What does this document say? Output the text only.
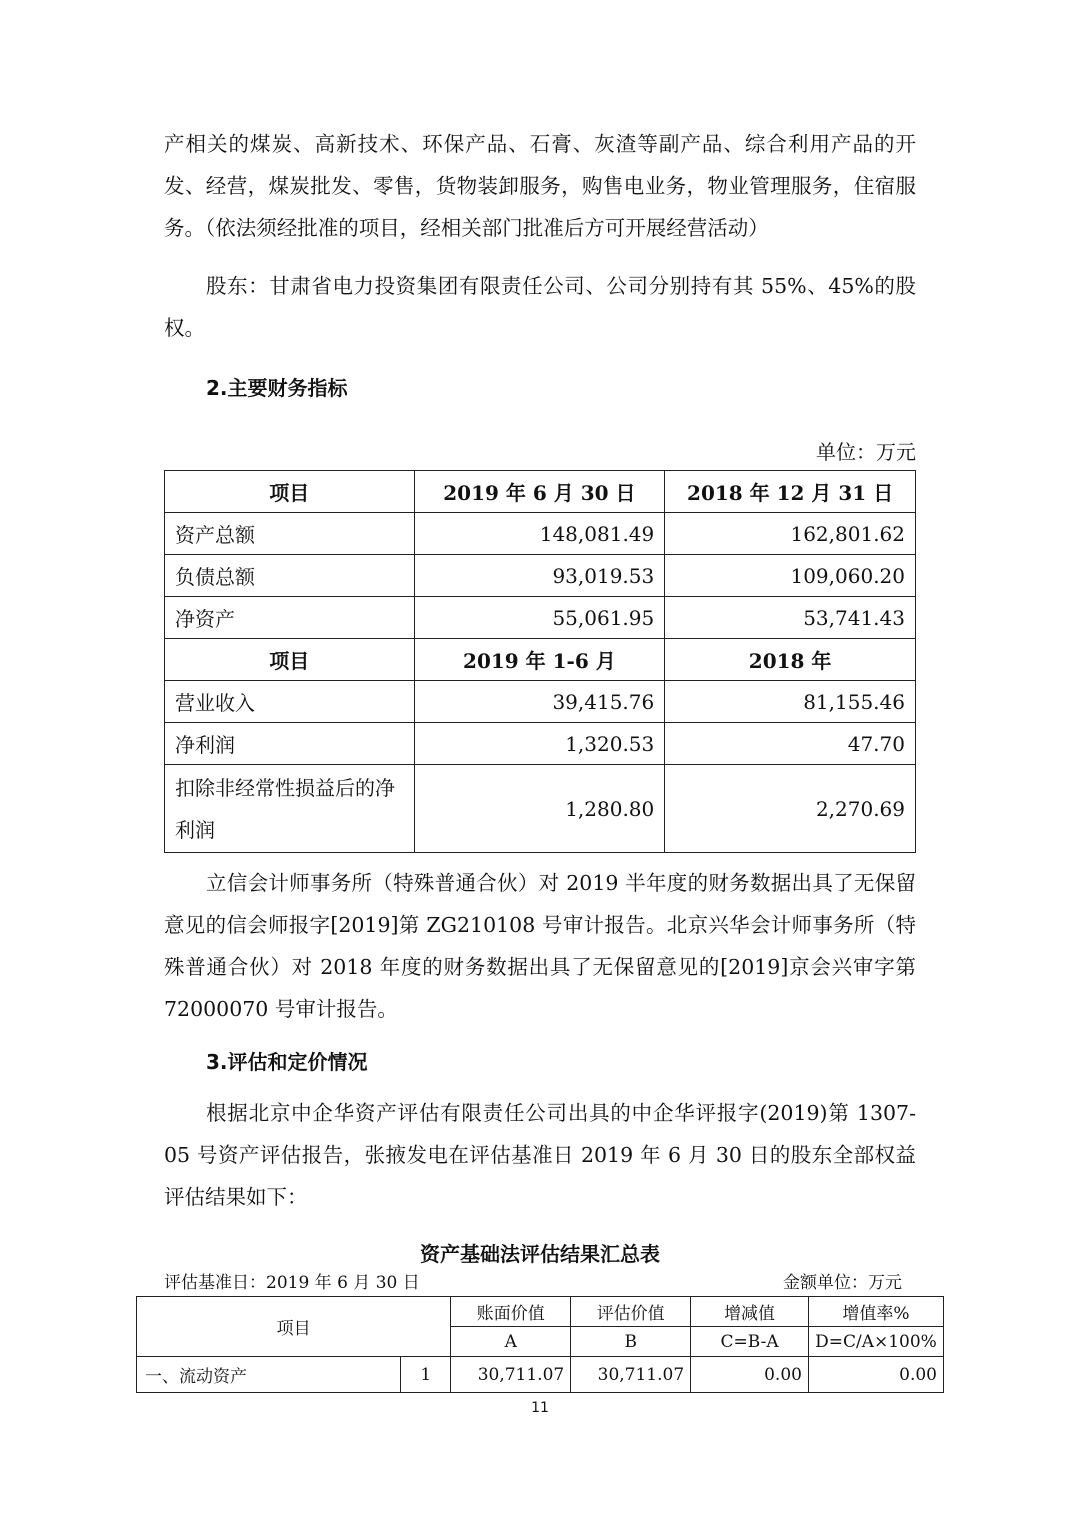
产相关的煤炭、高新技术、环保产品、石膏、灰渣等副产品、综合利用产品的开发、经营，煤炭批发、零售，货物装卸服务，购售电业务，物业管理服务，住宿服务。（依法须经批准的项目，经相关部门批准后方可开展经营活动）
股东：甘肃省电力投资集团有限责任公司、公司分别持有其 55%、45%的股权。
2.主要财务指标
单位：万元
项目	2019 年 6 月 30 日	2018 年 12 月 31 日
资产总额	148,081.49	162,801.62
负债总额	93,019.53	109,060.20
净资产	55,061.95	53,741.43
项目	2019 年 1-6 月	2018 年
营业收入	39,415.76	81,155.46
净利润	1,320.53	47.70
扣除非经常性损益后的净利润	1,280.80	2,270.69
立信会计师事务所（特殊普通合伙）对 2019 半年度的财务数据出具了无保留意见的信会师报字[2019]第 ZG210108 号审计报告。北京兴华会计师事务所（特殊普通合伙）对 2018 年度的财务数据出具了无保留意见的[2019]京会兴审字第 72000070 号审计报告。
3.评估和定价情况
根据北京中企华资产评估有限责任公司出具的中企华评报字(2019)第 1307-05 号资产评估报告，张掖发电在评估基准日 2019 年 6 月 30 日的股东全部权益评估结果如下：
资产基础法评估结果汇总表
评估基准日：2019 年 6 月 30 日	金额单位：万元
项目		账面价值	评估价值	增减值	增值率%
		A	B	C=B-A	D=C/A×100%
一、流动资产	1	30,711.07	30,711.07	0.00	0.00
11
